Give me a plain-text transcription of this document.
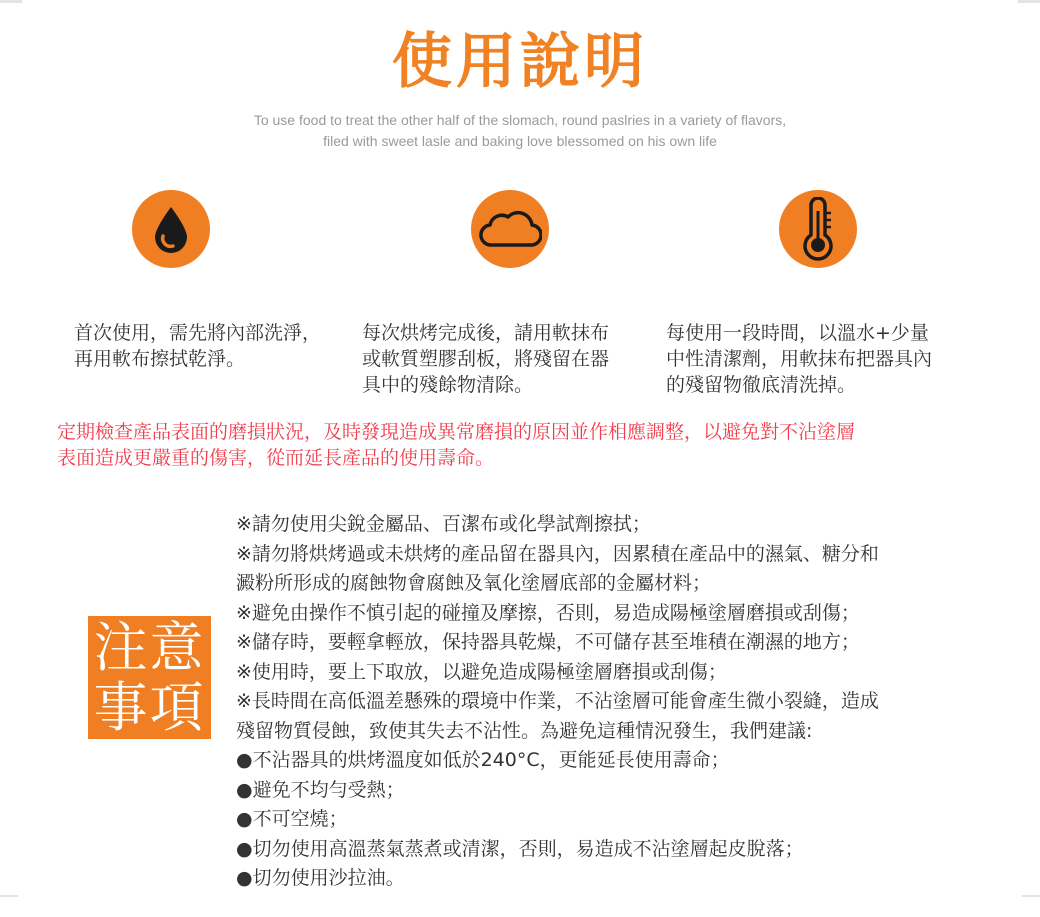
使用說明
To use food to treat the other half of the slomach, round paslries in a variety of flavors,
filed with sweet lasle and baking love blessomed on his own life
首次使用，需先將內部洗淨，
再用軟布擦拭乾淨。
每次烘烤完成後，請用軟抹布
或軟質塑膠刮板，將殘留在器
具中的殘餘物清除。
每使用一段時間，以溫水+少量
中性清潔劑，用軟抹布把器具內
的殘留物徹底清洗掉。
定期檢查產品表面的磨損狀況，及時發現造成異常磨損的原因並作相應調整，以避免對不沾塗層
表面造成更嚴重的傷害，從而延長產品的使用壽命。
注意
事項
※請勿使用尖銳金屬品、百潔布或化學試劑擦拭；
※請勿將烘烤過或未烘烤的產品留在器具內，因累積在產品中的濕氣、糖分和
澱粉所形成的腐蝕物會腐蝕及氧化塗層底部的金屬材料；
※避免由操作不慎引起的碰撞及摩擦，否則，易造成陽極塗層磨損或刮傷；
※儲存時，要輕拿輕放，保持器具乾燥，不可儲存甚至堆積在潮濕的地方；
※使用時，要上下取放，以避免造成陽極塗層磨損或刮傷；
※長時間在高低溫差懸殊的環境中作業，不沾塗層可能會產生微小裂縫，造成
殘留物質侵蝕，致使其失去不沾性。為避免這種情況發生，我們建議:
●不沾器具的烘烤溫度如低於240°C，更能延長使用壽命；
●避免不均勻受熱；
●不可空燒；
●切勿使用高溫蒸氣蒸煮或清潔，否則，易造成不沾塗層起皮脫落；
●切勿使用沙拉油。
